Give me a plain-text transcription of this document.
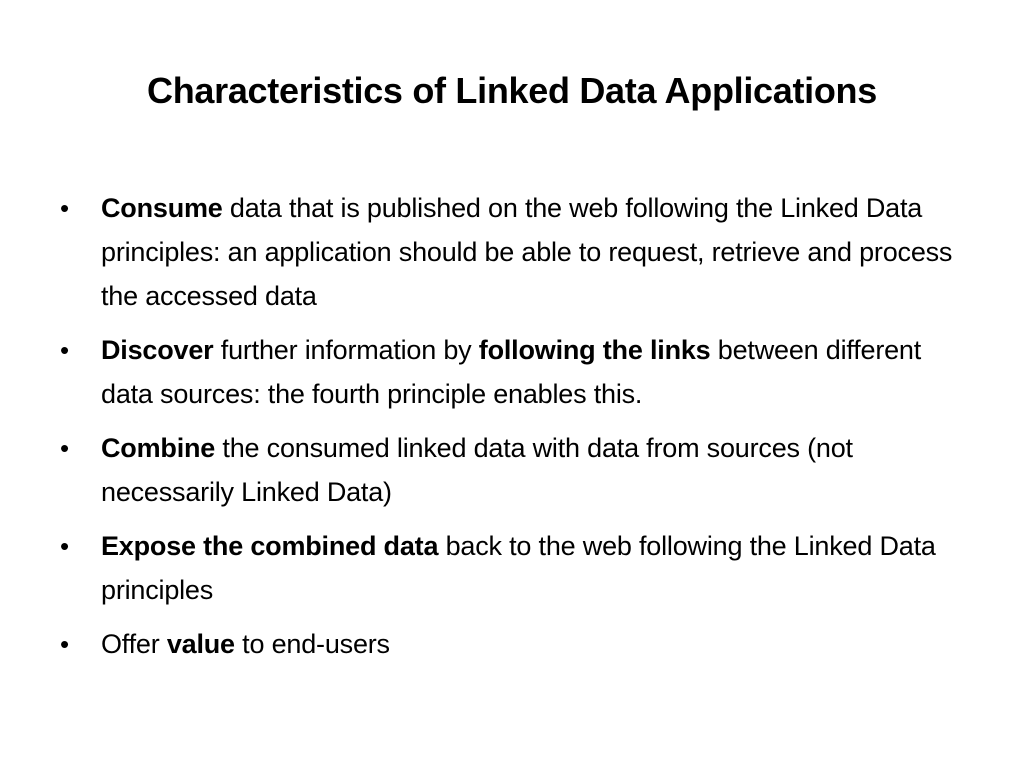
Characteristics of Linked Data Applications
•	Consume data that is published on the web following the Linked Data principles: an application should be able to request, retrieve and process the accessed data
•	Discover further information by following the links between different data sources: the fourth principle enables this.
•	Combine the consumed linked data with data from sources (not necessarily Linked Data)
•	Expose the combined data back to the web following the Linked Data principles
•	Offer value to end-users
